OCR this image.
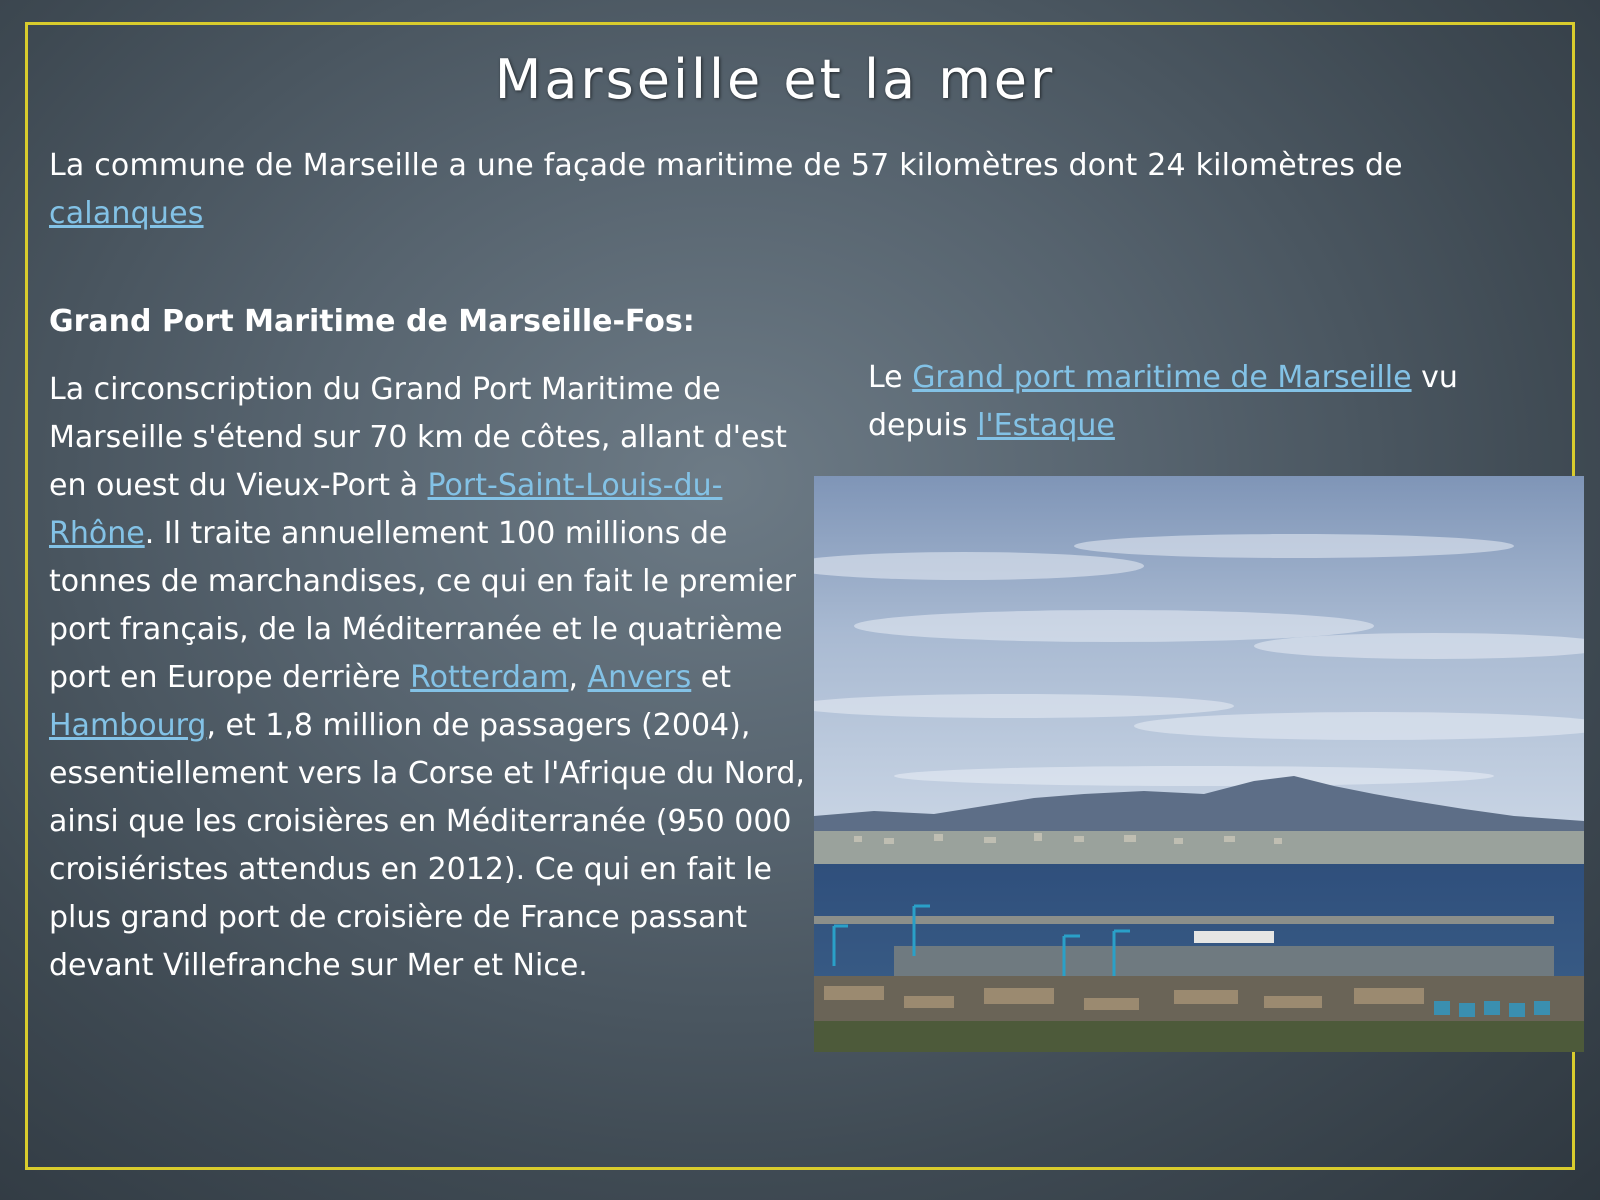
Marseille et la mer
La commune de Marseille a une façade maritime de 57 kilomètres dont 24 kilomètres de calanques
Grand Port Maritime de Marseille-Fos:
La circonscription du Grand Port Maritime de Marseille s'étend sur 70 km de côtes, allant d'est en ouest du Vieux-Port à Port-Saint-Louis-du-Rhône. Il traite annuellement 100 millions de tonnes de marchandises, ce qui en fait le premier port français, de la Méditerranée et le quatrième port en Europe derrière Rotterdam, Anvers et Hambourg, et 1,8 million de passagers (2004), essentiellement vers la Corse et l'Afrique du Nord, ainsi que les croisières en Méditerranée (950 000 croisiéristes attendus en 2012). Ce qui en fait le plus grand port de croisière de France passant devant Villefranche sur Mer et Nice.
Le Grand port maritime de Marseille vu depuis l'Estaque
